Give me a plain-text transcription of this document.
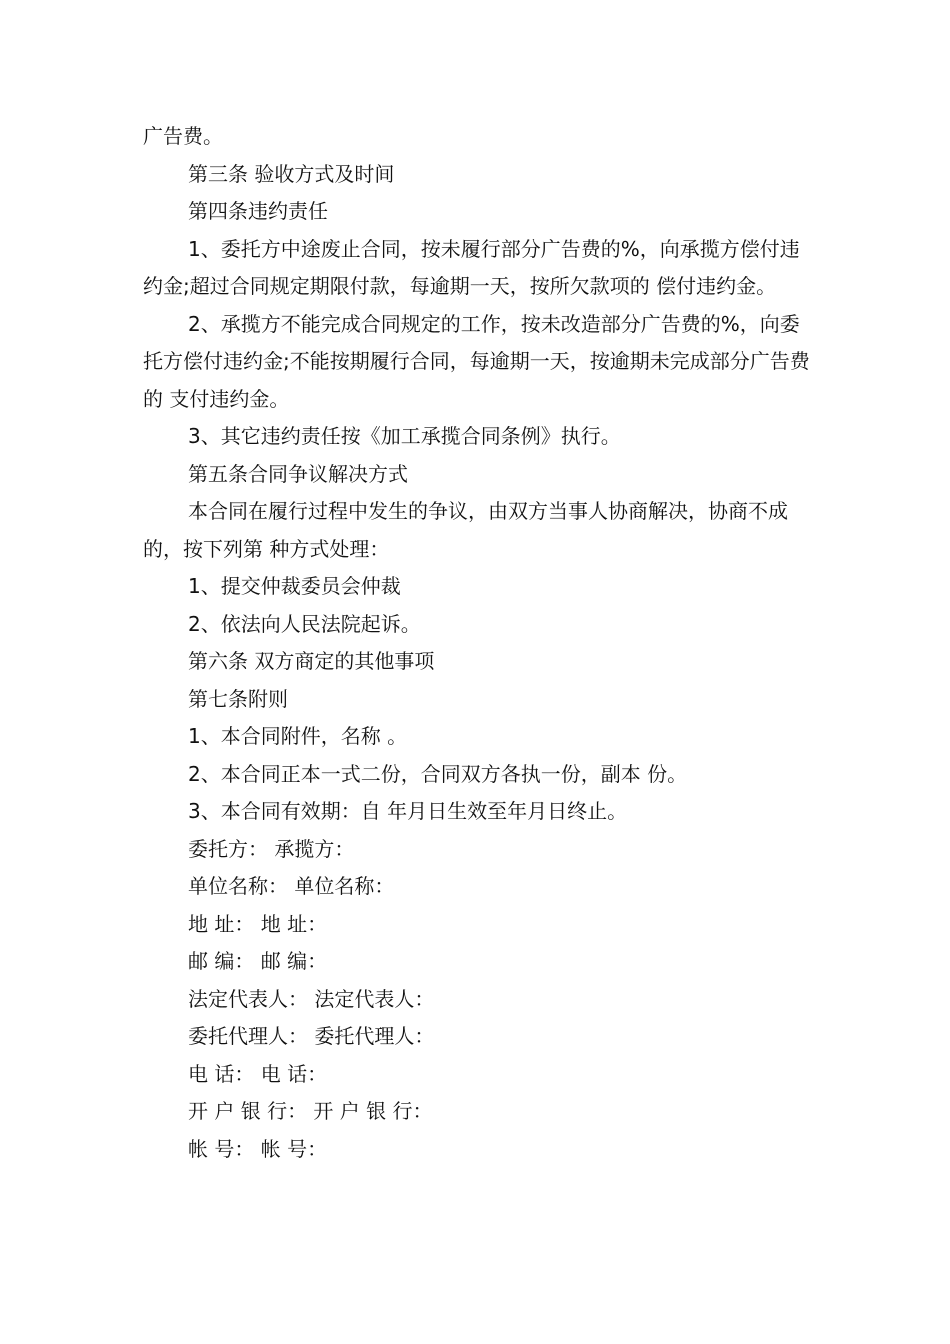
广告费。

第三条 验收方式及时间

第四条违约责任

1、委托方中途废止合同，按未履行部分广告费的%，向承揽方偿付违约金;超过合同规定期限付款，每逾期一天，按所欠款项的 偿付违约金。

2、承揽方不能完成合同规定的工作，按未改造部分广告费的%，向委托方偿付违约金;不能按期履行合同，每逾期一天，按逾期未完成部分广告费的 支付违约金。

3、其它违约责任按《加工承揽合同条例》执行。

第五条合同争议解决方式

本合同在履行过程中发生的争议，由双方当事人协商解决，协商不成的，按下列第 种方式处理：

1、提交仲裁委员会仲裁

2、依法向人民法院起诉。

第六条 双方商定的其他事项

第七条附则

1、本合同附件，名称 。

2、本合同正本一式二份，合同双方各执一份，副本 份。

3、本合同有效期：自 年月日生效至年月日终止。

委托方： 承揽方：

单位名称： 单位名称：

地 址： 地 址：

邮 编： 邮 编：

法定代表人： 法定代表人：

委托代理人： 委托代理人：

电 话： 电 话：

开 户 银 行： 开 户 银 行：

帐 号： 帐 号：
